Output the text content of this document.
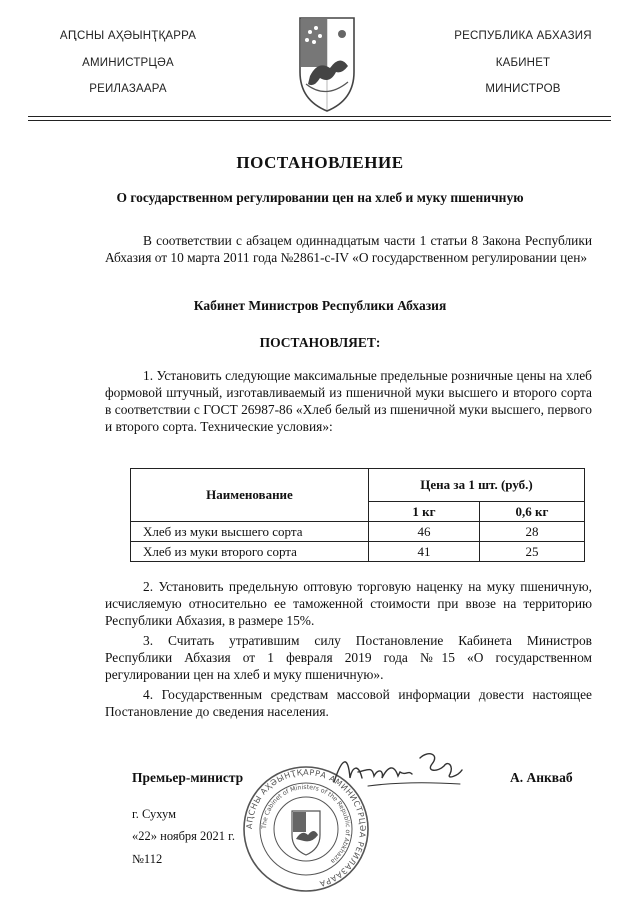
АԤСНЫ АҲӘЫНҬҚАРРА
АМИНИСТРЦӘА
РЕИЛАЗААРА
РЕСПУБЛИКА АБХАЗИЯ
КАБИНЕТ
МИНИСТРОВ
ПОСТАНОВЛЕНИЕ
О государственном регулировании цен на хлеб и муку пшеничную
В соответствии с абзацем одиннадцатым части 1 статьи 8 Закона Республики Абхазия от 10 марта 2011 года №2861-с-IV «О государственном регулировании цен»
Кабинет Министров Республики Абхазия
ПОСТАНОВЛЯЕТ:
1. Установить следующие максимальные предельные розничные цены на хлеб формовой штучный, изготавливаемый из пшеничной муки высшего и второго сорта в соответствии с ГОСТ 26987-86 «Хлеб белый из пшеничной муки высшего, первого и второго сорта. Технические условия»:
Наименование	Цена за 1 шт. (руб.)	
	1 кг	0,6 кг
Хлеб из муки высшего сорта	46	28
Хлеб из муки второго сорта	41	25
2. Установить предельную оптовую торговую наценку на муку пшеничную, исчисляемую относительно ее таможенной стоимости при ввозе на территорию Республики Абхазия, в размере 15%.
3. Считать утратившим силу Постановление Кабинета Министров Республики Абхазия от 1 февраля 2019 года №15 «О государственном регулировании цен на хлеб и муку пшеничную».
4. Государственным средствам массовой информации довести настоящее Постановление до сведения населения.
АԤСНЫ АҲӘЫНҬҚАРРА АМИНИСТРЦӘА РЕИЛАЗААРА
The Cabinet of Ministers of the Republic of Abkhazia
Премьер-министр	А. Анкваб
г. Сухум
«22» ноября 2021 г.
№112
